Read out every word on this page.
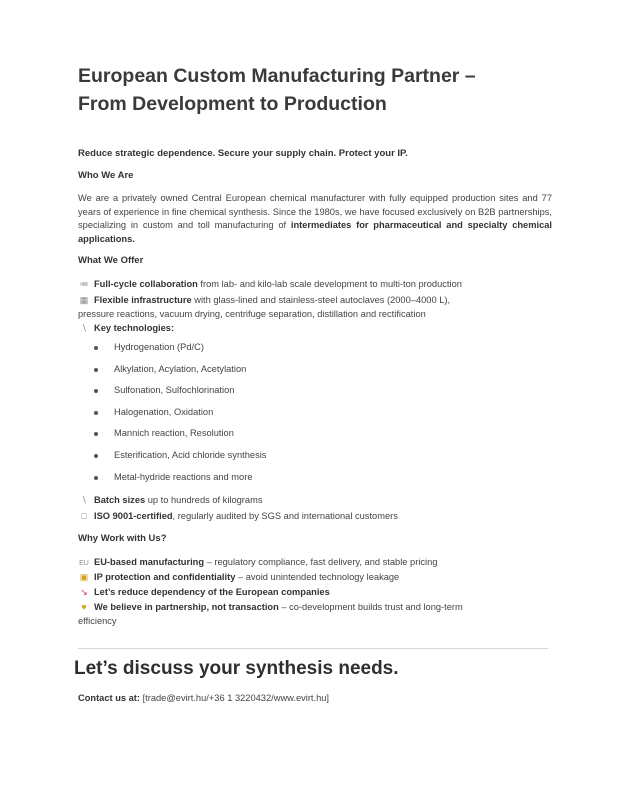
European Custom Manufacturing Partner –
From Development to Production
Reduce strategic dependence. Secure your supply chain. Protect your IP.
Who We Are

We are a privately owned Central European chemical manufacturer with fully equipped production sites and 77 years of experience in fine chemical synthesis. Since the 1980s, we have focused exclusively on B2B partnerships, specializing in custom and toll manufacturing of intermediates for pharmaceutical and specialty chemical applications.

What We Offer
≔ Full-cycle collaboration from lab- and kilo-lab scale development to multi-ton production
▦ Flexible infrastructure with glass-lined and stainless-steel autoclaves (2000–4000 L),
pressure reactions, vacuum drying, centrifuge separation, distillation and rectification
∖ Key technologies:
Hydrogenation (Pd/C)
Alkylation, Acylation, Acetylation
Sulfonation, Sulfochlorination
Halogenation, Oxidation
Mannich reaction, Resolution
Esterification, Acid chloride synthesis
Metal-hydride reactions and more
∖ Batch sizes up to hundreds of kilograms
□ ISO 9001-certified, regularly audited by SGS and international customers
Why Work with Us?
EU EU-based manufacturing – regulatory compliance, fast delivery, and stable pricing
▣ IP protection and confidentiality – avoid unintended technology leakage
↘ Let’s reduce dependency of the European companies
♥ We believe in partnership, not transaction – co-development builds trust and long-term
efficiency
Let’s discuss your synthesis needs.
Contact us at: [trade@evirt.hu/+36 1 3220432/www.evirt.hu]
